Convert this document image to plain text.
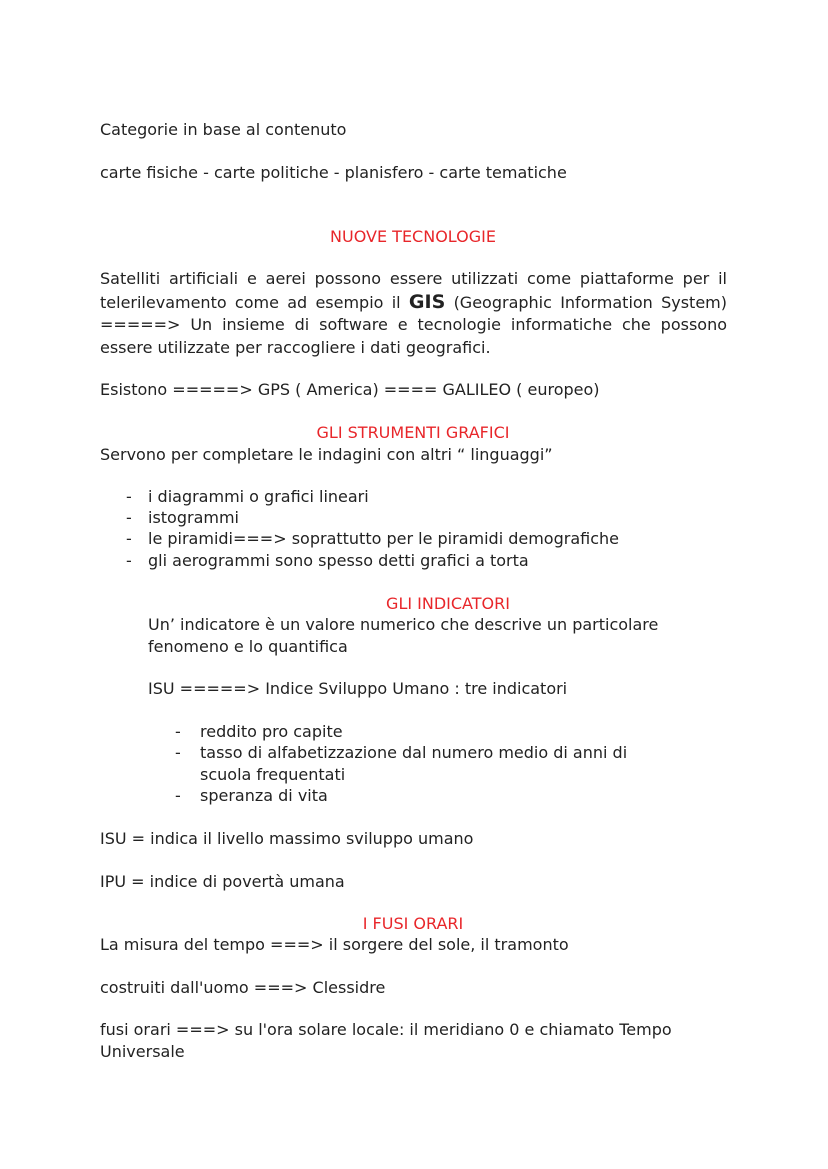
Categorie in base al contenuto
carte fisiche - carte politiche - planisfero - carte tematiche
NUOVE TECNOLOGIE
Satelliti artificiali e aerei possono essere utilizzati come piattaforme per il telerilevamento come ad esempio il GIS (Geographic Information System) =====> Un insieme di software e tecnologie informatiche che possono essere utilizzate per raccogliere i dati geografici.
Esistono =====> GPS ( America) ==== GALILEO ( europeo)
GLI STRUMENTI GRAFICI
Servono per completare le indagini con altri “ linguaggi”
- i diagrammi o grafici lineari
- istogrammi
- le piramidi===> soprattutto per le piramidi demografiche
- gli aerogrammi sono spesso detti grafici a torta
GLI INDICATORI
Un’ indicatore è un valore numerico che descrive un particolare
fenomeno e lo quantifica
ISU =====> Indice Sviluppo Umano : tre indicatori
- reddito pro capite
- tasso di alfabetizzazione dal numero medio di anni di
scuola frequentati
- speranza di vita
ISU = indica il livello massimo sviluppo umano
IPU = indice di povertà umana
I FUSI ORARI
La misura del tempo ===> il sorgere del sole, il tramonto
costruiti dall'uomo ===> Clessidre
fusi orari ===> su l'ora solare locale: il meridiano 0 e chiamato Tempo
Universale
